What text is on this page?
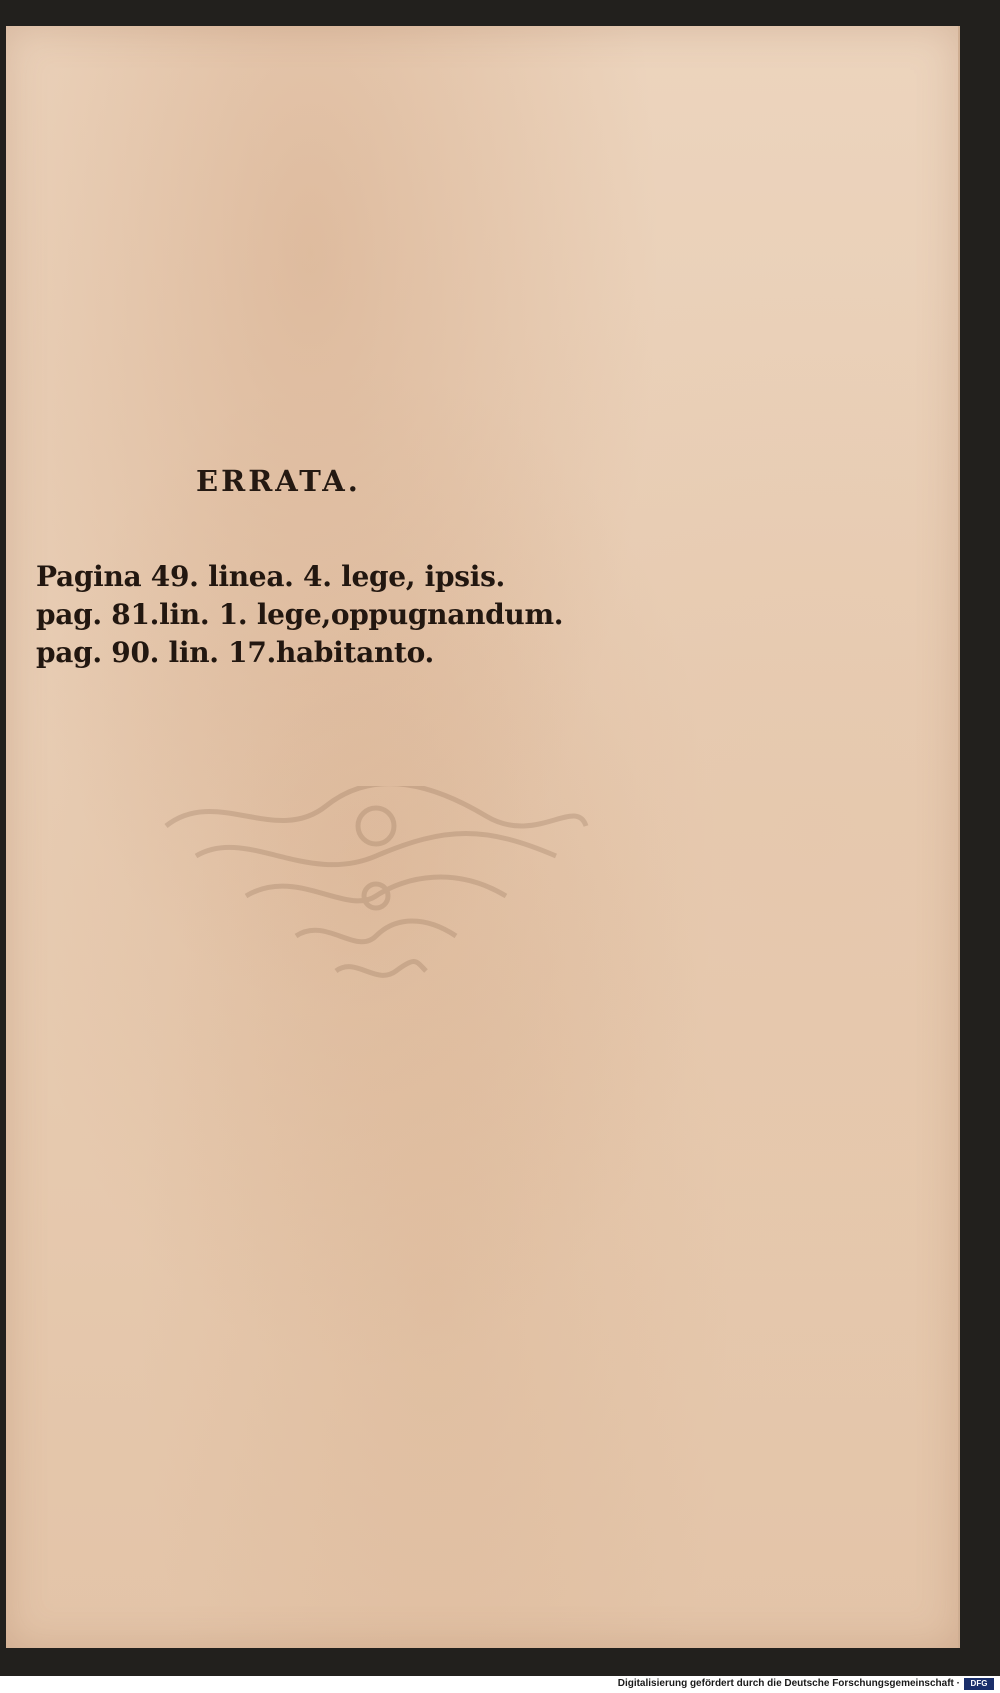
ERRATA.
Pagina 49. linea. 4. lege, ipsis.
pag. 81.lin. 1. lege,oppugnandum.
pag. 90. lin. 17.habitanto.
Digitalisierung gefördert durch die Deutsche Forschungsgemeinschaft ·	DFG
